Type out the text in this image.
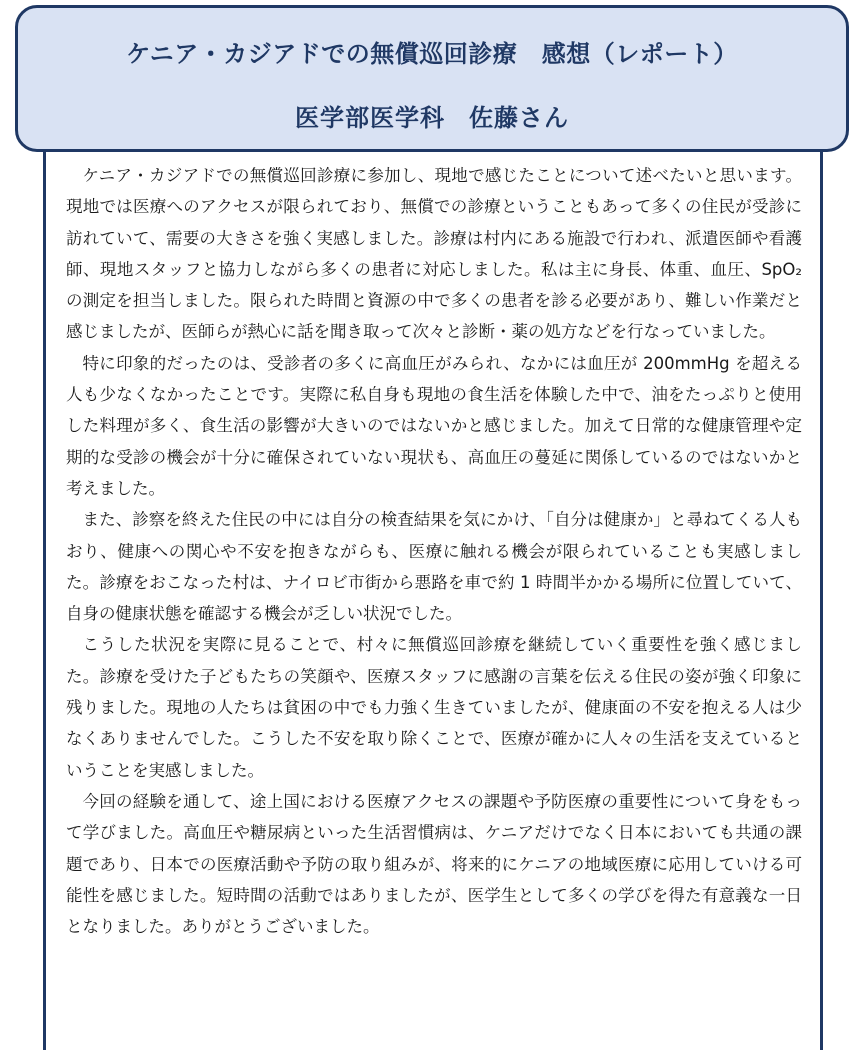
ケニア・カジアドでの無償巡回診療　感想（レポート）
医学部医学科 佐藤さん

ケニア・カジアドでの無償巡回診療に参加し、現地で感じたことについて述べたいと思います。現地では医療へのアクセスが限られており、無償での診療ということもあって多くの住民が受診に訪れていて、需要の大きさを強く実感しました。診療は村内にある施設で行われ、派遣医師や看護師、現地スタッフと協力しながら多くの患者に対応しました。私は主に身長、体重、血圧、SpO₂ の測定を担当しました。限られた時間と資源の中で多くの患者を診る必要があり、難しい作業だと感じましたが、医師らが熱心に話を聞き取って次々と診断・薬の処方などを行なっていました。

特に印象的だったのは、受診者の多くに高血圧がみられ、なかには血圧が 200mmHg を超える人も少なくなかったことです。実際に私自身も現地の食生活を体験した中で、油をたっぷりと使用した料理が多く、食生活の影響が大きいのではないかと感じました。加えて日常的な健康管理や定期的な受診の機会が十分に確保されていない現状も、高血圧の蔓延に関係しているのではないかと考えました。

また、診察を終えた住民の中には自分の検査結果を気にかけ、「自分は健康か」と尋ねてくる人もおり、健康への関心や不安を抱きながらも、医療に触れる機会が限られていることも実感しました。診療をおこなった村は、ナイロビ市街から悪路を車で約 1 時間半かかる場所に位置していて、自身の健康状態を確認する機会が乏しい状況でした。

こうした状況を実際に見ることで、村々に無償巡回診療を継続していく重要性を強く感じました。診療を受けた子どもたちの笑顔や、医療スタッフに感謝の言葉を伝える住民の姿が強く印象に残りました。現地の人たちは貧困の中でも力強く生きていましたが、健康面の不安を抱える人は少なくありませんでした。こうした不安を取り除くことで、医療が確かに人々の生活を支えているということを実感しました。

今回の経験を通して、途上国における医療アクセスの課題や予防医療の重要性について身をもって学びました。高血圧や糖尿病といった生活習慣病は、ケニアだけでなく日本においても共通の課題であり、日本での医療活動や予防の取り組みが、将来的にケニアの地域医療に応用していける可能性を感じました。短時間の活動ではありましたが、医学生として多くの学びを得た有意義な一日となりました。ありがとうございました。
